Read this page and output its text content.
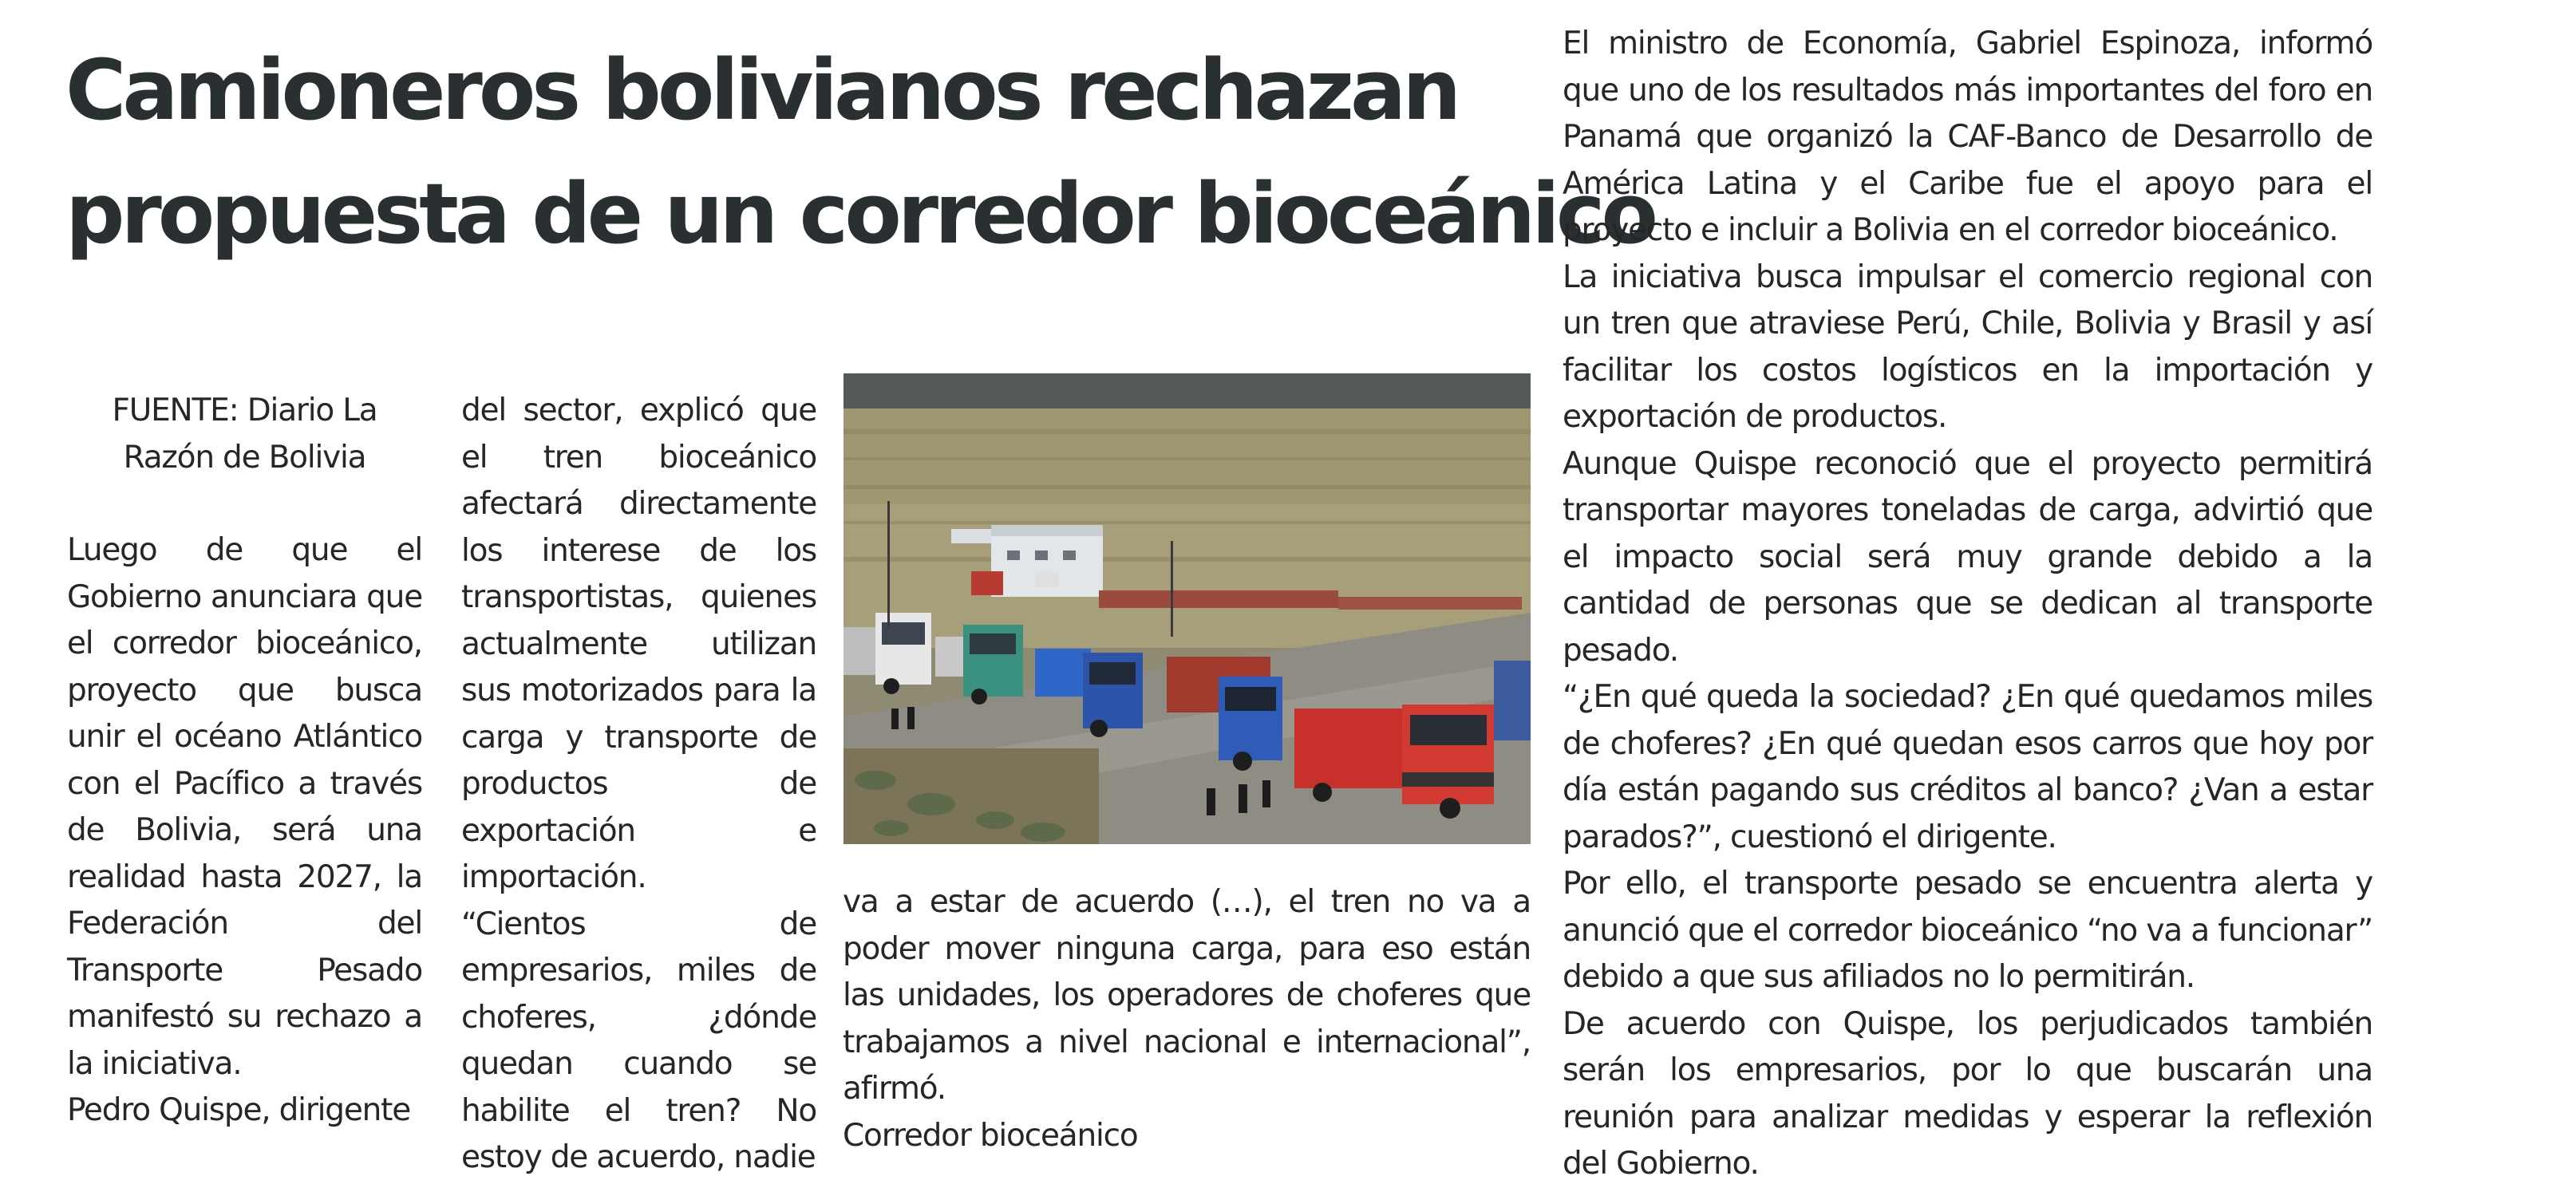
Camioneros bolivianos rechazan
propuesta de un corredor bioceánico

FUENTE: Diario La Razón de Bolivia

Luego de que el Gobierno anunciara que el corredor bioceánico, proyecto que busca unir el océano Atlántico con el Pacífico a través de Bolivia, será una realidad hasta 2027, la Federación del Transporte Pesado manifestó su rechazo a la iniciativa.

Pedro Quispe, dirigente

del sector, explicó que el tren bioceánico afectará directamente los interese de los transportistas, quienes actualmente utilizan sus motorizados para la carga y transporte de productos de exportación e importación.

“Cientos de empresarios, miles de choferes, ¿dónde quedan cuando se habilite el tren? No estoy de acuerdo, nadie

va a estar de acuerdo (…), el tren no va a poder mover ninguna carga, para eso están las unidades, los operadores de choferes que trabajamos a nivel nacional e internacional”, afirmó.

Corredor bioceánico

El ministro de Economía, Gabriel Espinoza, informó que uno de los resultados más importantes del foro en Panamá que organizó la CAF-Banco de Desarrollo de América Latina y el Caribe fue el apoyo para el proyecto e incluir a Bolivia en el corredor bioceánico.

La iniciativa busca impulsar el comercio regional con un tren que atraviese Perú, Chile, Bolivia y Brasil y así facilitar los costos logísticos en la importación y exportación de productos.

Aunque Quispe reconoció que el proyecto permitirá transportar mayores toneladas de carga, advirtió que el impacto social será muy grande debido a la cantidad de personas que se dedican al transporte pesado.

“¿En qué queda la sociedad? ¿En qué quedamos miles de choferes? ¿En qué quedan esos carros que hoy por día están pagando sus créditos al banco? ¿Van a estar parados?”, cuestionó el dirigente.

Por ello, el transporte pesado se encuentra alerta y anunció que el corredor bioceánico “no va a funcionar” debido a que sus afiliados no lo permitirán.

De acuerdo con Quispe, los perjudicados también serán los empresarios, por lo que buscarán una reunión para analizar medidas y esperar la reflexión del Gobierno.
